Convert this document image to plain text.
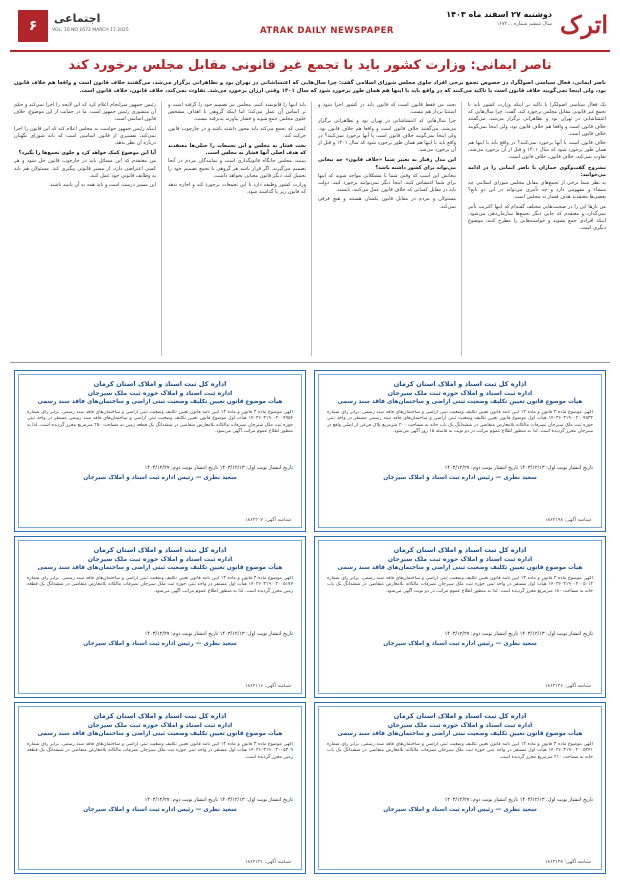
اترک
دوشنبه ۲۷ اسفند ماه ۱۴۰۳
سال ششم شماره ...۱۶۷۲
۶	اجتماعی
VOL. 10 NO 1672 MARCH 17 2025	ATRAK DAILY NEWSPAPER
ناصر ایمانی: وزارت کشور باید با تجمع غیر قانونی مقابل مجلس برخورد کند
ناصر ایمانی، فعال سیاسی اصولگرا، در خصوص تجمع برخی افراد جلوی مجلس شورای اسلامی گفت: چرا سال‌هایی که اعتشاشاتی در تهران بود و تظاهراتی برگزار می‌شد، می‌گفتند خلاف قانون است و واقعا هم خلاف قانون بود، ولی اینجا نمی‌گویند خلاف قانون است یا تاکید می‌کنند که در واقع باید با اینها هم همان طور برخورد شود که سال ۱۴۰۱ وقتی ارزان برخورد می‌شد. تفاوت نمی‌کند، خلاف قانون، خلاف قانون است.

یک فعال سیاسی اصولگرا با تاکید بر اینکه وزارت کشور باید با تجمع غیر قانونی مقابل مجلس برخورد کند، گفت: چرا سال‌هایی که اغتشاشاتی در تهران بود و تظاهراتی برگزار می‌شد، می‌گفتند خلاف قانون است و واقعا هم خلاف قانون بود، ولی اینجا نمی‌گویند خلاف قانون است.

خلاف قانون است یا آنها برخورد نمی‌کنند؟ در واقع باید با اینها هم همان طور برخورد شود که سال ۱۴۰۱ و قبل از آن برخورد می‌شد، تفاوت نمی‌کند، خلاف قانون، خلاف قانون است.

مشروح گفت‌وگوی جماران با ناصر ایمانی را در ادامه می‌خوانید:

به نظر شما برخی از تجمع‌های مقابل مجلس شورای اسلامی چه منشاء و مفهومی دارد و چه تأثیری می‌تواند در این دو تابع؟ بعضی‌ها معتقدند هدف فشار به مجلس است.

من بارها این را در صحبت‌هایی مختلف گفته‌ام که اینها اکثریت تأثیر نمی‌گذارد و معتقدم که جایی دیگر تجمع‌ها سازمان‌دهی می‌شود. اینکه افرادی جمع بشوند و خواسته‌هایی را مطرح کنند، موضوع دیگری است.

بحث من فقط قانون است که قانون باید در کشور اجرا شود و استثنا بردار هم نیست.

چرا سال‌هایی که اغتشاشاتی در تهران بود و تظاهراتی برگزار می‌شد، می‌گفتند خلاف قانون است و واقعا هم خلاف قانون بود، ولی اینجا نمی‌گویند خلاف قانون است یا آنها برخورد نمی‌کنند؟ در واقع باید با اینها هم همان طور برخورد شود که سال ۱۴۰۱ و قبل از آن برخورد می‌شد.

این مدل رفتار به تعبیر شما «خلاف قانون» چه تبعاتی می‌تواند برای کشور داشته باشد؟

تبعاتش این است که وقتی شما با مشکلاتی مواجه شوید که اینها برای شما اغتشاش کنند، اینجا دیگر نمی‌توانید برخورد کنید. دولت باید در مقابل کسانی که خلاف قانون عمل می‌کنند، بایستد.

مسئولان و مردم در مقابل قانون یکسان هستند و هیچ فرقی نمی‌کند.

باید اینها را قانونمند کنیم. مجلس نیز تصمیم خود را گرفته است و بر اساس آن عمل می‌کند؛ اما اینکه گروهی با اهداف مشخص جلوی مجلس جمع شوند و فشار بیاورند پذیرفته نیست.

کسی که تجمع می‌کند باید مجوز داشته باشد و در چارچوب قانون حرکت کند.

بحث فشار به مجلس و این تجمعات را خیلی‌ها معتقدند که هدف اصلی آنها فشار به مجلس است.

ببینید، مجلس جایگاه قانونگذاری است و نمایندگان مردم در آنجا تصمیم می‌گیرند. اگر قرار باشد هر گروهی با تجمع تصمیم خود را تحمیل کند، دیگر قانون معنایی نخواهد داشت.

وزارت کشور وظیفه دارد با این تجمعات برخورد کند و اجازه ندهد که قانون زیر پا گذاشته شود.

رئیس جمهور سرانجام اعلام کرد که این لایحه را اجرا نمی‌کند و حکم آن منشوری رئیس جمهور است. ما در حمایت از این موضوع، خلاف قانون اساسی است.

اینکه رئیس جمهور خواست به مجلس اعلام کند که این قانون را اجرا نمی‌کند، تفسیری از قانون اساسی است که باید شورای نگهبان درباره آن نظر بدهد.

آیا این موضوع کمک خواهد کرد و جلوی تجمع‌ها را بگیرد؟

من معتقدم که این مسائل باید در چارچوب قانون حل شود و هر کسی اعتراضی دارد، از مسیر قانونی پیگیری کند. مسئولان هم باید به وظایف قانونی خود عمل کنند.

این مسیر درست است و باید همه به آن پایبند باشند.

اداره کل ثبت اسناد و املاک استان کرمان
اداره ثبت اسناد و املاک حوزه ثبت ملک سیرجان
هیأت موضوع قانون تعیین تکلیف وضعیت ثبتی اراضی و ساختمان‌های فاقد سند رسمی
آگهی موضوع ماده ۳ قانون و ماده ۱۳ آیین نامه قانون تعیین تکلیف وضعیت ثبتی اراضی و ساختمان‌های فاقد سند رسمی. برابر رأی شماره ۱۴۰۳۶۰۳۱۹۰۰۲۰۰۴۸۳۲ هیأت اول موضوع قانون تعیین تکلیف وضعیت ثبتی اراضی و ساختمان‌های فاقد سند رسمی مستقر در واحد ثبتی حوزه ثبت ملک سیرجان تصرفات مالکانه بلامعارض متقاضی در ششدانگ یک باب خانه به مساحت ۲۰۰ مترمربع پلاک فرعی از اصلی واقع در سیرجان محرز گردیده است. لذا به منظور اطلاع عموم مراتب در دو نوبت به فاصله ۱۵ روز آگهی می‌شود.
تاریخ انتشار نوبت اول: ۱۴۰۳/۱۲/۱۳ تاریخ انتشار نوبت دوم: ۱۴۰۳/۱۲/۲۷
سعید نظری — رئیس اداره ثبت اسناد و املاک سیرجان
شناسه آگهی: ۱۸۶۲۱۹۸
اداره کل ثبت اسناد و املاک استان کرمان
اداره ثبت اسناد و املاک حوزه ثبت ملک سیرجان
هیأت موضوع قانون تعیین تکلیف وضعیت ثبتی اراضی و ساختمان‌های فاقد سند رسمی
آگهی موضوع ماده ۳ قانون و ماده ۱۳ آیین نامه قانون تعیین تکلیف وضعیت ثبتی اراضی و ساختمان‌های فاقد سند رسمی. برابر رأی شماره ۱۴۰۳۶۰۳۱۹۰۰۲۰۰۴۹۵۴ هیأت اول موضوع قانون تعیین تکلیف وضعیت ثبتی اراضی و ساختمان‌های فاقد سند رسمی مستقر در واحد ثبتی حوزه ثبت ملک سیرجان تصرفات مالکانه بلامعارض متقاضی در ششدانگ یک قطعه زمین به مساحت ۲۵۰ مترمربع محرز گردیده است. لذا به منظور اطلاع عموم مراتب آگهی می‌شود.
تاریخ انتشار نوبت اول: ۱۴۰۳/۱۲/۱۳ تاریخ انتشار نوبت دوم: ۱۴۰۳/۱۲/۲۷
سعید نظری — رئیس اداره ثبت اسناد و املاک سیرجان
شناسه آگهی: ۱۸۶۲۲۰۷
اداره کل ثبت اسناد و املاک استان کرمان
اداره ثبت اسناد و املاک حوزه ثبت ملک سیرجان
هیأت موضوع قانون تعیین تکلیف وضعیت ثبتی اراضی و ساختمان‌های فاقد سند رسمی
آگهی موضوع ماده ۳ قانون و ماده ۱۳ آیین نامه قانون تعیین تکلیف وضعیت ثبتی اراضی و ساختمان‌های فاقد سند رسمی. برابر رأی شماره ۱۴۰۳۶۰۳۱۹۰۰۲۰۰۵۰۱۲ هیأت اول مستقر در واحد ثبتی حوزه ثبت ملک سیرجان تصرفات مالکانه بلامعارض متقاضی در ششدانگ یک باب خانه به مساحت ۱۸۰ مترمربع محرز گردیده است. لذا به منظور اطلاع عموم مراتب در دو نوبت آگهی می‌شود.
تاریخ انتشار نوبت اول: ۱۴۰۳/۱۲/۱۳ تاریخ انتشار نوبت دوم: ۱۴۰۳/۱۲/۲۷
سعید نظری — رئیس اداره ثبت اسناد و املاک سیرجان
شناسه آگهی: ۱۸۶۲۱۴۶
اداره کل ثبت اسناد و املاک استان کرمان
اداره ثبت اسناد و املاک حوزه ثبت ملک سیرجان
هیأت موضوع قانون تعیین تکلیف وضعیت ثبتی اراضی و ساختمان‌های فاقد سند رسمی
آگهی موضوع ماده ۳ قانون و ماده ۱۳ آیین نامه قانون تعیین تکلیف وضعیت ثبتی اراضی و ساختمان‌های فاقد سند رسمی. برابر رأی شماره ۱۴۰۳۶۰۳۱۹۰۰۲۰۰۵۱۷۷ هیأت اول مستقر در واحد ثبتی حوزه ثبت ملک سیرجان تصرفات مالکانه بلامعارض متقاضی در ششدانگ یک قطعه زمین محرز گردیده است. لذا به منظور اطلاع عموم مراتب آگهی می‌شود.
تاریخ انتشار نوبت اول: ۱۴۰۳/۱۲/۱۳ تاریخ انتشار نوبت دوم: ۱۴۰۳/۱۲/۲۷
سعید نظری — رئیس اداره ثبت اسناد و املاک سیرجان
شناسه آگهی: ۱۸۶۲۱۱۶
اداره کل ثبت اسناد و املاک استان کرمان
اداره ثبت اسناد و املاک حوزه ثبت ملک سیرجان
هیأت موضوع قانون تعیین تکلیف وضعیت ثبتی اراضی و ساختمان‌های فاقد سند رسمی
آگهی موضوع ماده ۳ قانون و ماده ۱۳ آیین نامه قانون تعیین تکلیف وضعیت ثبتی اراضی و ساختمان‌های فاقد سند رسمی. برابر رأی شماره ۱۴۰۳۶۰۳۱۹۰۰۲۰۰۵۲۴۱ هیأت اول مستقر در واحد ثبتی حوزه ثبت ملک سیرجان تصرفات مالکانه بلامعارض متقاضی در ششدانگ یک باب خانه به مساحت ۲۱۰ مترمربع محرز گردیده است.
تاریخ انتشار نوبت اول: ۱۴۰۳/۱۲/۱۳ تاریخ انتشار نوبت دوم: ۱۴۰۳/۱۲/۲۷
سعید نظری — رئیس اداره ثبت اسناد و املاک سیرجان
شناسه آگهی: ۱۸۶۲۱۳۸
اداره کل ثبت اسناد و املاک استان کرمان
اداره ثبت اسناد و املاک حوزه ثبت ملک سیرجان
هیأت موضوع قانون تعیین تکلیف وضعیت ثبتی اراضی و ساختمان‌های فاقد سند رسمی
آگهی موضوع ماده ۳ قانون و ماده ۱۳ آیین نامه قانون تعیین تکلیف وضعیت ثبتی اراضی و ساختمان‌های فاقد سند رسمی. برابر رأی شماره ۱۴۰۳۶۰۳۱۹۰۰۲۰۰۵۳۰۹ هیأت اول مستقر در واحد ثبتی حوزه ثبت ملک سیرجان تصرفات مالکانه بلامعارض متقاضی در ششدانگ یک قطعه زمین محرز گردیده است.
تاریخ انتشار نوبت اول: ۱۴۰۳/۱۲/۱۳ تاریخ انتشار نوبت دوم: ۱۴۰۳/۱۲/۲۷
سعید نظری — رئیس اداره ثبت اسناد و املاک سیرجان
شناسه آگهی: ۱۸۶۲۱۳۱
